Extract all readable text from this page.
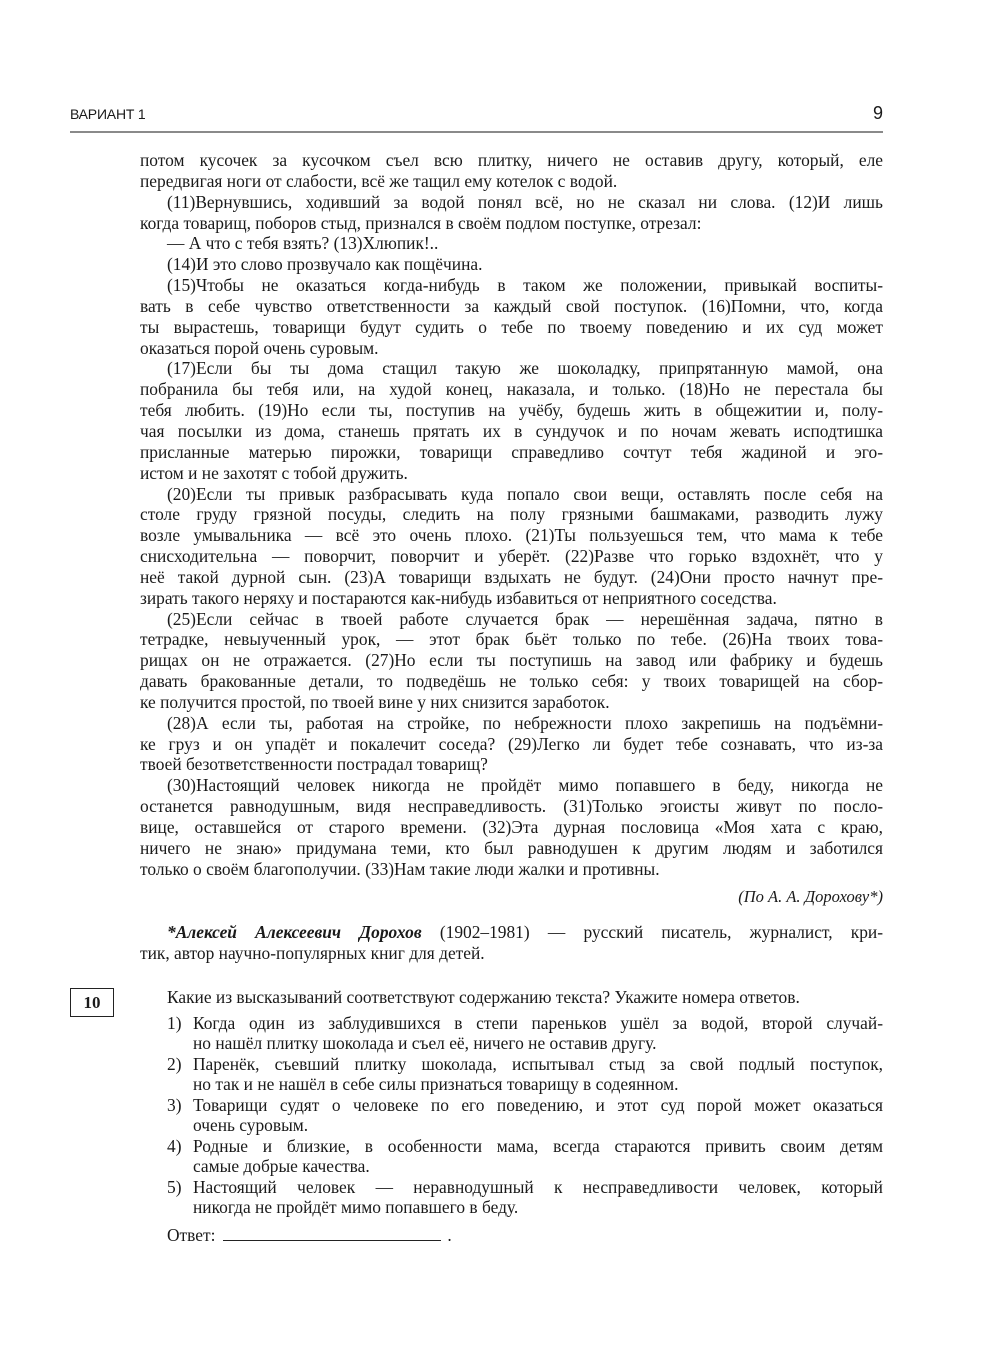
ВАРИАНТ 1	9
потом кусочек за кусочком съел всю плитку, ничего не оставив другу, который, еле
передвигая ноги от слабости, всё же тащил ему котелок с водой.
(11)Вернувшись, ходивший за водой понял всё, но не сказал ни слова. (12)И лишь
когда товарищ, поборов стыд, признался в своём подлом поступке, отрезал:
— А что с тебя взять? (13)Хлюпик!..
(14)И это слово прозвучало как пощёчина.
(15)Чтобы не оказаться когда-нибудь в таком же положении, привыкай воспиты-
вать в себе чувство ответственности за каждый свой поступок. (16)Помни, что, когда
ты вырастешь, товарищи будут судить о тебе по твоему поведению и их суд может
оказаться порой очень суровым.
(17)Если бы ты дома стащил такую же шоколадку, припрятанную мамой, она
побранила бы тебя или, на худой конец, наказала, и только. (18)Но не перестала бы
тебя любить. (19)Но если ты, поступив на учёбу, будешь жить в общежитии и, полу-
чая посылки из дома, станешь прятать их в сундучок и по ночам жевать исподтишка
присланные матерью пирожки, товарищи справедливо сочтут тебя жадиной и эго-
истом и не захотят с тобой дружить.
(20)Если ты привык разбрасывать куда попало свои вещи, оставлять после себя на
столе груду грязной посуды, следить на полу грязными башмаками, разводить лужу
возле умывальника — всё это очень плохо. (21)Ты пользуешься тем, что мама к тебе
снисходительна — поворчит, поворчит и уберёт. (22)Разве что горько вздохнёт, что у
неё такой дурной сын. (23)А товарищи вздыхать не будут. (24)Они просто начнут пре-
зирать такого неряху и постараются как-нибудь избавиться от неприятного соседства.
(25)Если сейчас в твоей работе случается брак — нерешённая задача, пятно в
тетрадке, невыученный урок, — этот брак бьёт только по тебе. (26)На твоих това-
рищах он не отражается. (27)Но если ты поступишь на завод или фабрику и будешь
давать бракованные детали, то подведёшь не только себя: у твоих товарищей на сбор-
ке получится простой, по твоей вине у них снизится заработок.
(28)А если ты, работая на стройке, по небрежности плохо закрепишь на подъёмни-
ке груз и он упадёт и покалечит соседа? (29)Легко ли будет тебе сознавать, что из-за
твоей безответственности пострадал товарищ?
(30)Настоящий человек никогда не пройдёт мимо попавшего в беду, никогда не
останется равнодушным, видя несправедливость. (31)Только эгоисты живут по посло-
вице, оставшейся от старого времени. (32)Эта дурная пословица «Моя хата с краю,
ничего не знаю» придумана теми, кто был равнодушен к другим людям и заботился
только о своём благополучии. (33)Нам такие люди жалки и противны.
(По А. А. Дорохову*)
*Алексей Алексеевич Дорохов (1902–1981) — русский писатель, журналист, кри-
тик, автор научно-популярных книг для детей.
10	Какие из высказываний соответствуют содержанию текста? Укажите номера ответов.
1) Когда один из заблудившихся в степи пареньков ушёл за водой, второй случай-
но нашёл плитку шоколада и съел её, ничего не оставив другу.
2) Паренёк, съевший плитку шоколада, испытывал стыд за свой подлый поступок,
но так и не нашёл в себе силы признаться товарищу в содеянном.
3) Товарищи судят о человеке по его поведению, и этот суд порой может оказаться
очень суровым.
4) Родные и близкие, в особенности мама, всегда стараются привить своим детям
самые добрые качества.
5) Настоящий человек — неравнодушный к несправедливости человек, который
никогда не пройдёт мимо попавшего в беду.
Ответ:	.
